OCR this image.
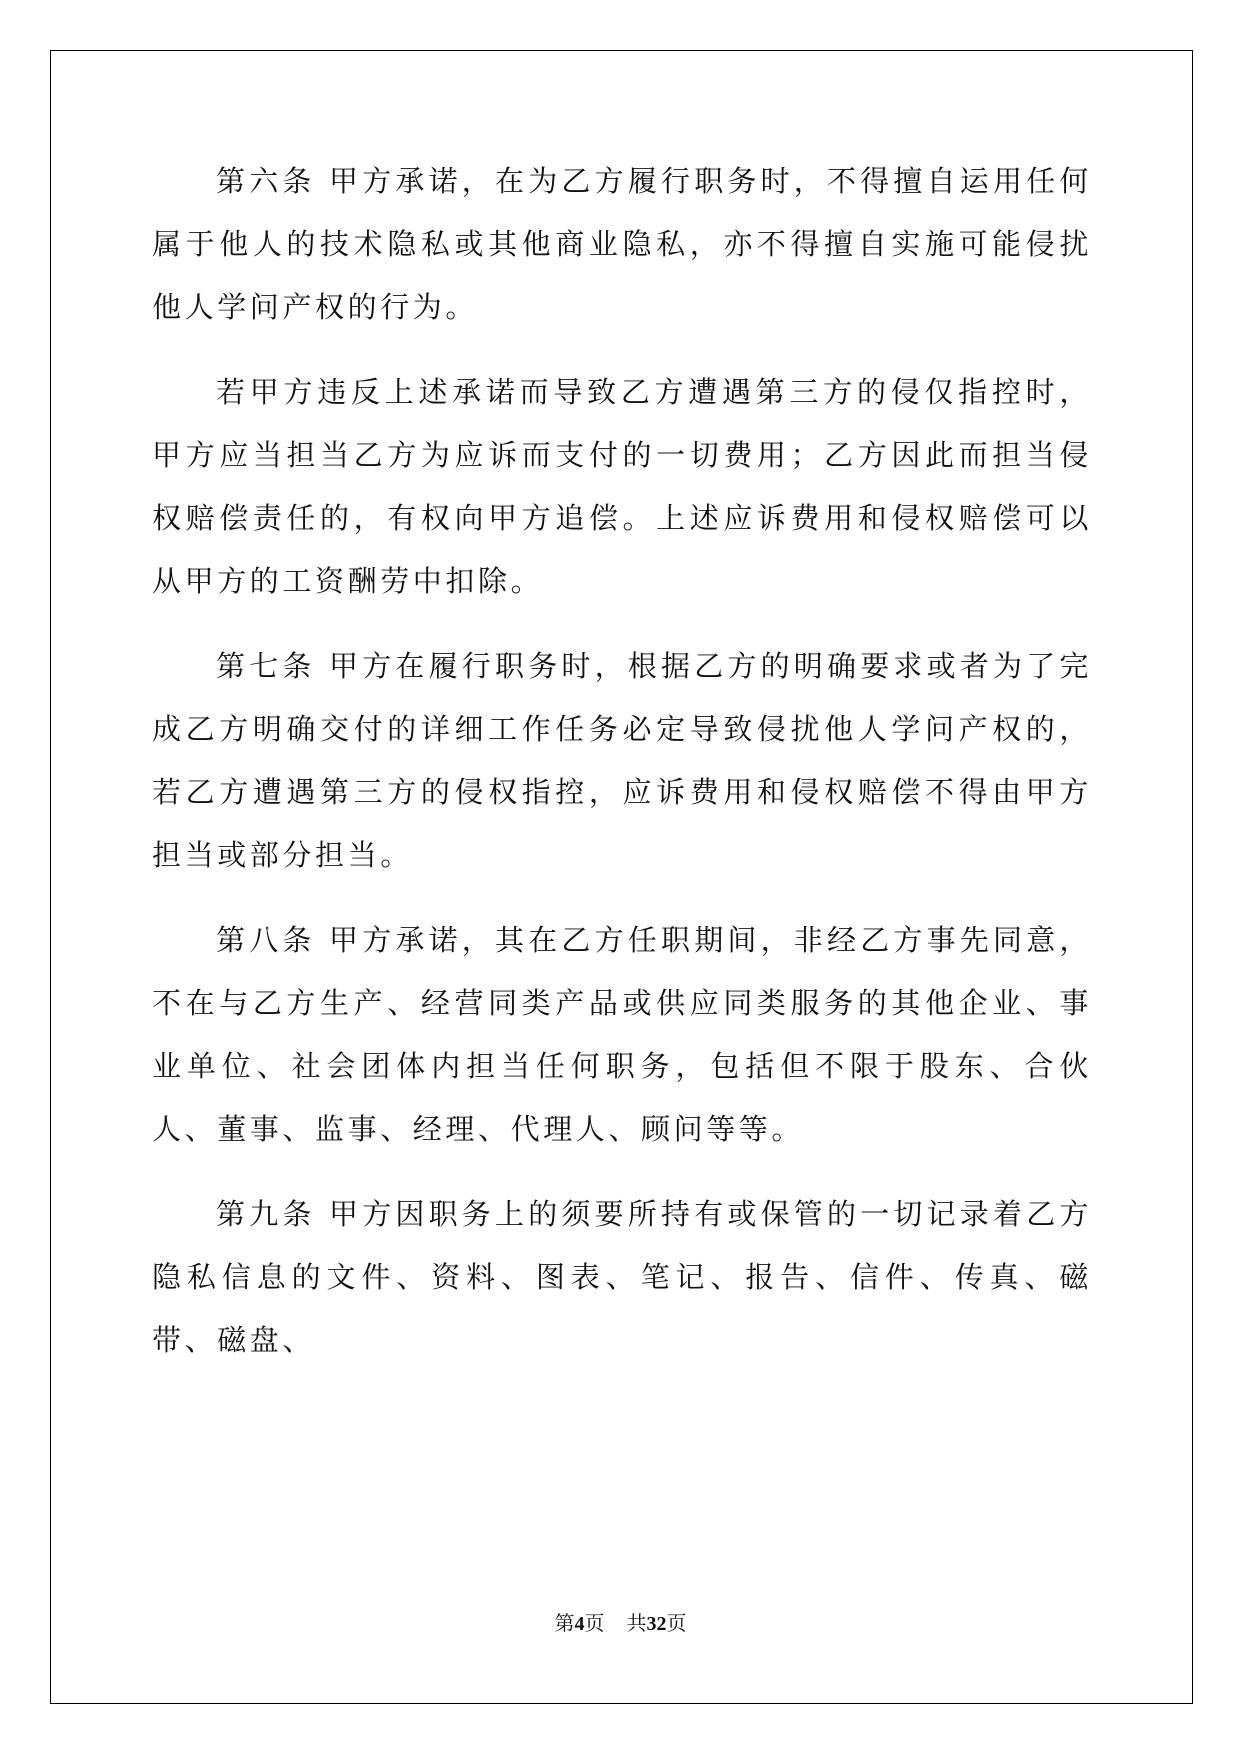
第六条 甲方承诺，在为乙方履行职务时，不得擅自运用任何属于他人的技术隐私或其他商业隐私，亦不得擅自实施可能侵扰他人学问产权的行为。

若甲方违反上述承诺而导致乙方遭遇第三方的侵仅指控时，甲方应当担当乙方为应诉而支付的一切费用；乙方因此而担当侵权赔偿责任的，有权向甲方追偿。上述应诉费用和侵权赔偿可以从甲方的工资酬劳中扣除。

第七条 甲方在履行职务时，根据乙方的明确要求或者为了完成乙方明确交付的详细工作任务必定导致侵扰他人学问产权的，若乙方遭遇第三方的侵权指控，应诉费用和侵权赔偿不得由甲方担当或部分担当。

第八条 甲方承诺，其在乙方任职期间，非经乙方事先同意，不在与乙方生产、经营同类产品或供应同类服务的其他企业、事业单位、社会团体内担当任何职务，包括但不限于股东、合伙人、董事、监事、经理、代理人、顾问等等。

第九条 甲方因职务上的须要所持有或保管的一切记录着乙方隐私信息的文件、资料、图表、笔记、报告、信件、传真、磁带、磁盘、

第4页 共32页
